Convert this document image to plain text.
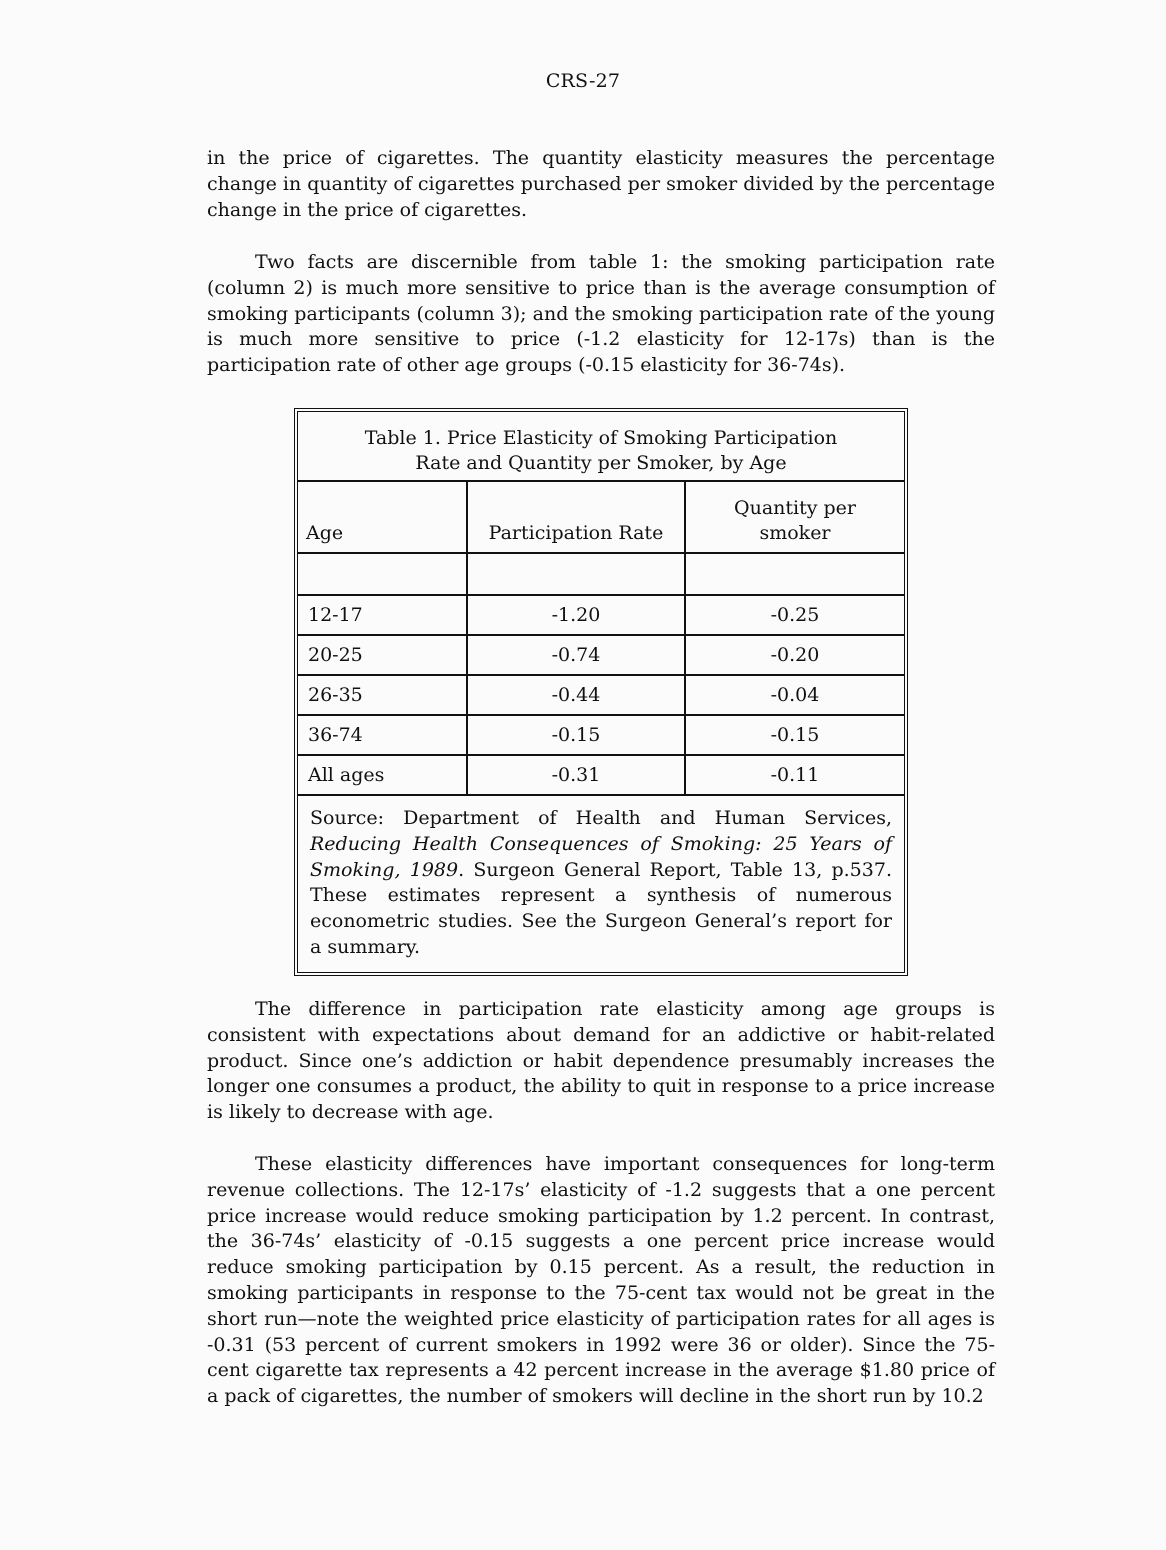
CRS-27

in the price of cigarettes. The quantity elasticity measures the percentage change in quantity of cigarettes purchased per smoker divided by the percentage change in the price of cigarettes.

Two facts are discernible from table 1: the smoking participation rate (column 2) is much more sensitive to price than is the average consumption of smoking participants (column 3); and the smoking participation rate of the young is much more sensitive to price (-1.2 elasticity for 12-17s) than is the participation rate of other age groups (-0.15 elasticity for 36-74s).

Table 1. Price Elasticity of Smoking Participation
Rate and Quantity per Smoker, by Age		

Age	Participation Rate	Quantity per
smoker

12-17	-1.20	-0.25
20-25	-0.74	-0.20
26-35	-0.44	-0.04
36-74	-0.15	-0.15
All ages	-0.31	-0.11
Source: Department of Health and Human Services, Reducing Health Consequences of Smoking: 25 Years of Smoking, 1989. Surgeon General Report, Table 13, p.537. These estimates represent a synthesis of numerous econometric studies. See the Surgeon General’s report for a summary.		

The difference in participation rate elasticity among age groups is consistent with expectations about demand for an addictive or habit-related product. Since one’s addiction or habit dependence presumably increases the longer one consumes a product, the ability to quit in response to a price increase is likely to decrease with age.

These elasticity differences have important consequences for long-term revenue collections. The 12-17s’ elasticity of -1.2 suggests that a one percent price increase would reduce smoking participation by 1.2 percent. In contrast, the 36-74s’ elasticity of -0.15 suggests a one percent price increase would reduce smoking participation by 0.15 percent. As a result, the reduction in smoking participants in response to the 75-cent tax would not be great in the short run—note the weighted price elasticity of participation rates for all ages is -0.31 (53 percent of current smokers in 1992 were 36 or older). Since the 75-cent cigarette tax represents a 42 percent increase in the average $1.80 price of a pack of cigarettes, the number of smokers will decline in the short run by 10.2
